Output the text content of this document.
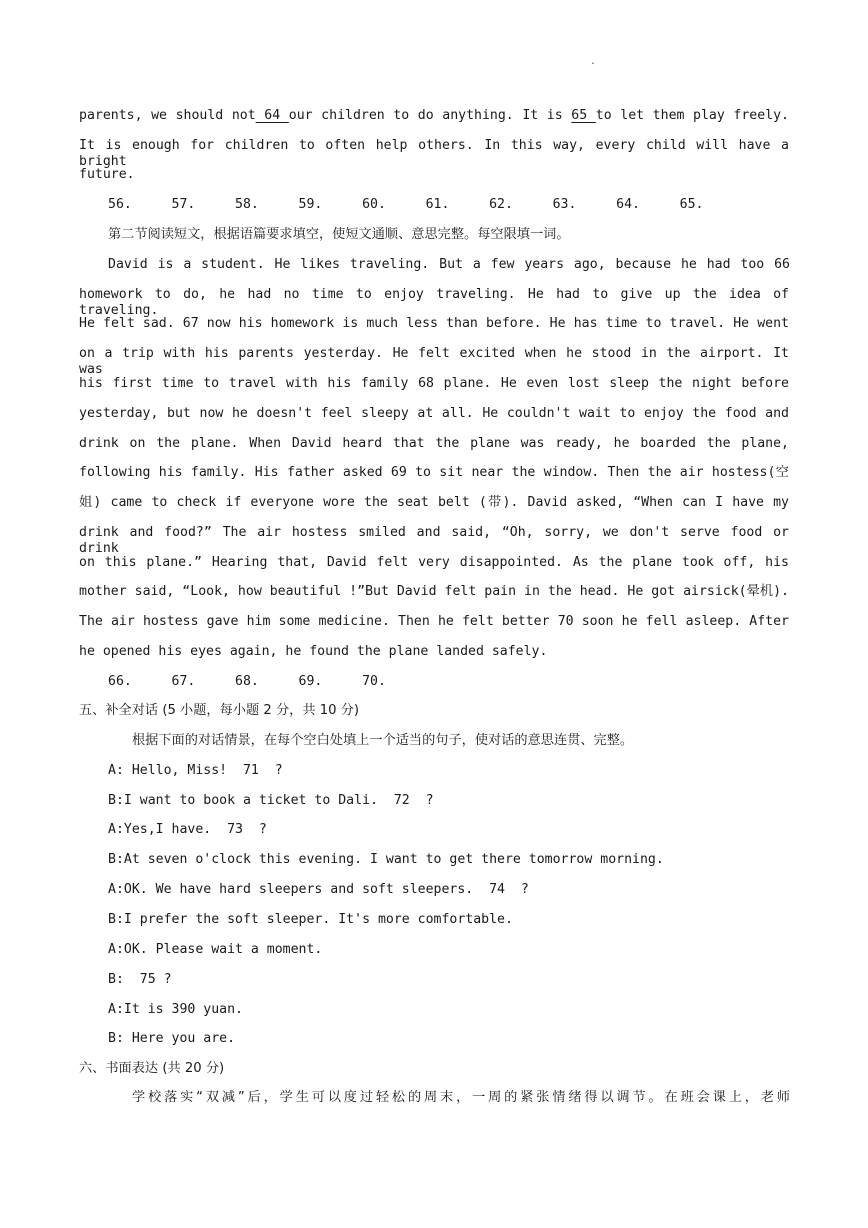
.
parents, we should not 64 our children to do anything. It is 65 to let them play freely.
It is enough for children to often help others. In this way, every child will have a bright
future.
56.     57.     58.     59.     60.     61.     62.     63.     64.     65.
第二节阅读短文，根据语篇要求填空，使短文通顺、意思完整。每空限填一词。
David is a student. He likes traveling. But a few years ago, because he had too 66
homework to do, he had no time to enjoy traveling. He had to give up the idea of traveling.
He felt sad. 67 now his homework is much less than before. He has time to travel. He went
on a trip with his parents yesterday. He felt excited when he stood in the airport. It was
his first time to travel with his family 68 plane. He even lost sleep the night before
yesterday, but now he doesn't feel sleepy at all. He couldn't wait to enjoy the food and
drink on the plane. When David heard that the plane was ready, he boarded the plane,
following his family. His father asked 69 to sit near the window. Then the air hostess(空
姐) came to check if everyone wore the seat belt (带). David asked, “When can I have my
drink and food?” The air hostess smiled and said, “Oh, sorry, we don't serve food or drink
on this plane.” Hearing that, David felt very disappointed. As the plane took off, his
mother said, “Look, how beautiful !”But David felt pain in the head. He got airsick(晕机).
The air hostess gave him some medicine. Then he felt better 70 soon he fell asleep. After
he opened his eyes again, he found the plane landed safely.
66.     67.     68.     69.     70.
五、补全对话 (5 小题，每小题 2 分，共 10 分)
根据下面的对话情景，在每个空白处填上一个适当的句子，使对话的意思连贯、完整。
A: Hello, Miss!  71  ?
B:I want to book a ticket to Dali.  72  ?
A:Yes,I have.  73  ?
B:At seven o'clock this evening. I want to get there tomorrow morning.
A:OK. We have hard sleepers and soft sleepers.  74  ?
B:I prefer the soft sleeper. It's more comfortable.
A:OK. Please wait a moment.
B:  75 ?
A:It is 390 yuan.
B: Here you are.
六、书面表达 (共 20 分)
学校落实“双减”后，学生可以度过轻松的周末，一周的紧张情绪得以调节。在班会课上，老师
